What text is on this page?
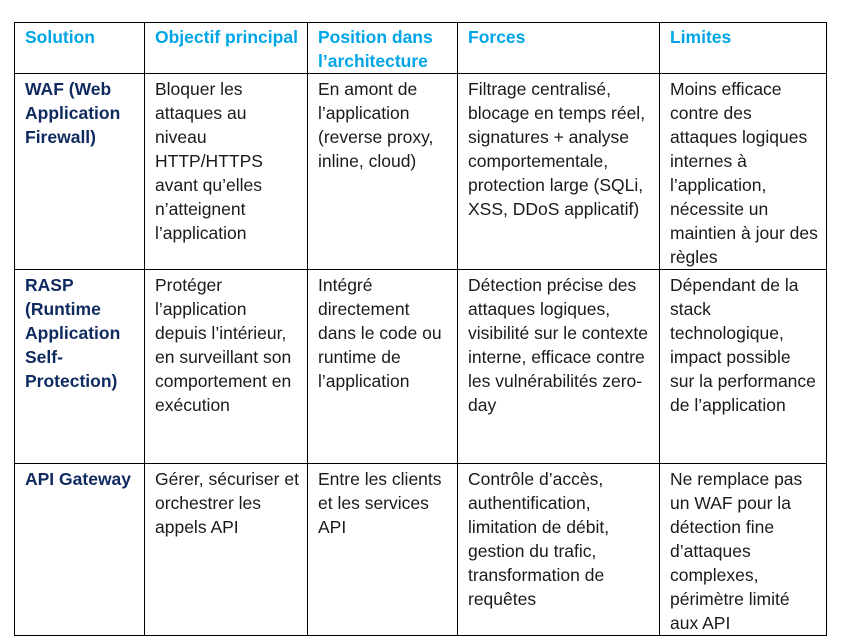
Solution	Objectif principal	Position dans l’architecture	Forces	Limites
WAF (Web Application Firewall)	Bloquer les attaques au niveau HTTP/HTTPS avant qu’elles n’atteignent l’application	En amont de l’application (reverse proxy, inline, cloud)	Filtrage centralisé, blocage en temps réel, signatures + analyse comportementale, protection large (SQLi, XSS, DDoS applicatif)	Moins efficace contre des attaques logiques internes à l’application, nécessite un maintien à jour des règles
RASP (Runtime Application Self-Protection)	Protéger l’application depuis l’intérieur, en surveillant son comportement en exécution	Intégré directement dans le code ou runtime de l’application	Détection précise des attaques logiques, visibilité sur le contexte interne, efficace contre les vulnérabilités zero-day	Dépendant de la stack technologique, impact possible sur la performance de l’application
API Gateway	Gérer, sécuriser et orchestrer les appels API	Entre les clients et les services API	Contrôle d’accès, authentification, limitation de débit, gestion du trafic, transformation de requêtes	Ne remplace pas un WAF pour la détection fine d’attaques complexes, périmètre limité aux API
